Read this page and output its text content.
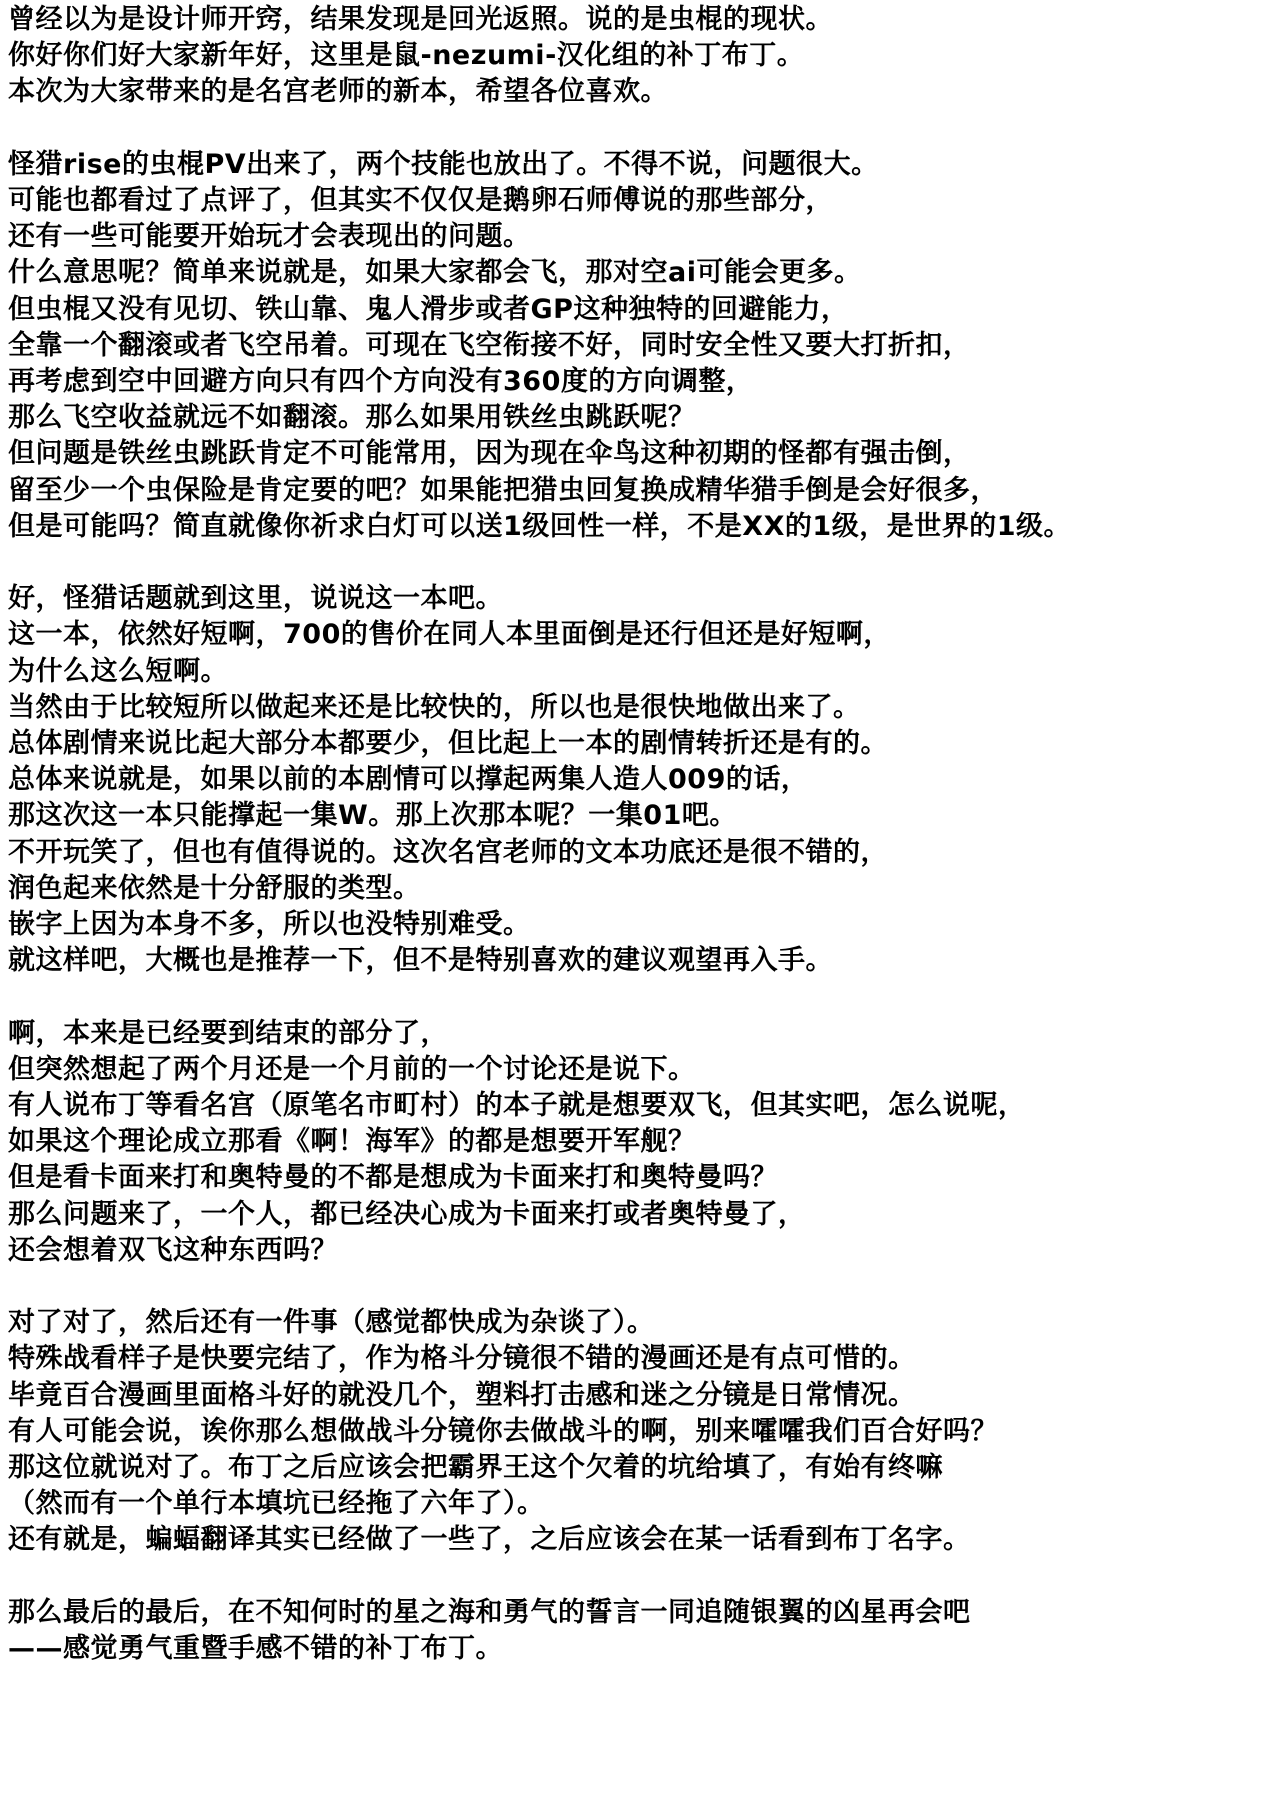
曾经以为是设计师开窍，结果发现是回光返照。说的是虫棍的现状。
你好你们好大家新年好，这里是鼠-nezumi-汉化组的补丁布丁。
本次为大家带来的是名宫老师的新本，希望各位喜欢。
怪猎rise的虫棍PV出来了，两个技能也放出了。不得不说，问题很大。
可能也都看过了点评了，但其实不仅仅是鹅卵石师傅说的那些部分，
还有一些可能要开始玩才会表现出的问题。
什么意思呢？简单来说就是，如果大家都会飞，那对空ai可能会更多。
但虫棍又没有见切、铁山靠、鬼人滑步或者GP这种独特的回避能力，
全靠一个翻滚或者飞空吊着。可现在飞空衔接不好，同时安全性又要大打折扣，
再考虑到空中回避方向只有四个方向没有360度的方向调整，
那么飞空收益就远不如翻滚。那么如果用铁丝虫跳跃呢？
但问题是铁丝虫跳跃肯定不可能常用，因为现在伞鸟这种初期的怪都有强击倒，
留至少一个虫保险是肯定要的吧？如果能把猎虫回复换成精华猎手倒是会好很多，
但是可能吗？简直就像你祈求白灯可以送1级回性一样，不是XX的1级，是世界的1级。
好，怪猎话题就到这里，说说这一本吧。
这一本，依然好短啊，700的售价在同人本里面倒是还行但还是好短啊，
为什么这么短啊。
当然由于比较短所以做起来还是比较快的，所以也是很快地做出来了。
总体剧情来说比起大部分本都要少，但比起上一本的剧情转折还是有的。
总体来说就是，如果以前的本剧情可以撑起两集人造人009的话，
那这次这一本只能撑起一集W。那上次那本呢？一集01吧。
不开玩笑了，但也有值得说的。这次名宫老师的文本功底还是很不错的，
润色起来依然是十分舒服的类型。
嵌字上因为本身不多，所以也没特别难受。
就这样吧，大概也是推荐一下，但不是特别喜欢的建议观望再入手。
啊，本来是已经要到结束的部分了，
但突然想起了两个月还是一个月前的一个讨论还是说下。
有人说布丁等看名宫（原笔名市町村）的本子就是想要双飞，但其实吧，怎么说呢，
如果这个理论成立那看《啊！海军》的都是想要开军舰？
但是看卡面来打和奥特曼的不都是想成为卡面来打和奥特曼吗？
那么问题来了，一个人，都已经决心成为卡面来打或者奥特曼了，
还会想着双飞这种东西吗？
对了对了，然后还有一件事（感觉都快成为杂谈了）。
特殊战看样子是快要完结了，作为格斗分镜很不错的漫画还是有点可惜的。
毕竟百合漫画里面格斗好的就没几个，塑料打击感和迷之分镜是日常情况。
有人可能会说，诶你那么想做战斗分镜你去做战斗的啊，别来嚯嚯我们百合好吗？
那这位就说对了。布丁之后应该会把霸界王这个欠着的坑给填了，有始有终嘛
（然而有一个单行本填坑已经拖了六年了）。
还有就是，蝙蝠翻译其实已经做了一些了，之后应该会在某一话看到布丁名字。
那么最后的最后，在不知何时的星之海和勇气的誓言一同追随银翼的凶星再会吧
——感觉勇气重暨手感不错的补丁布丁。
